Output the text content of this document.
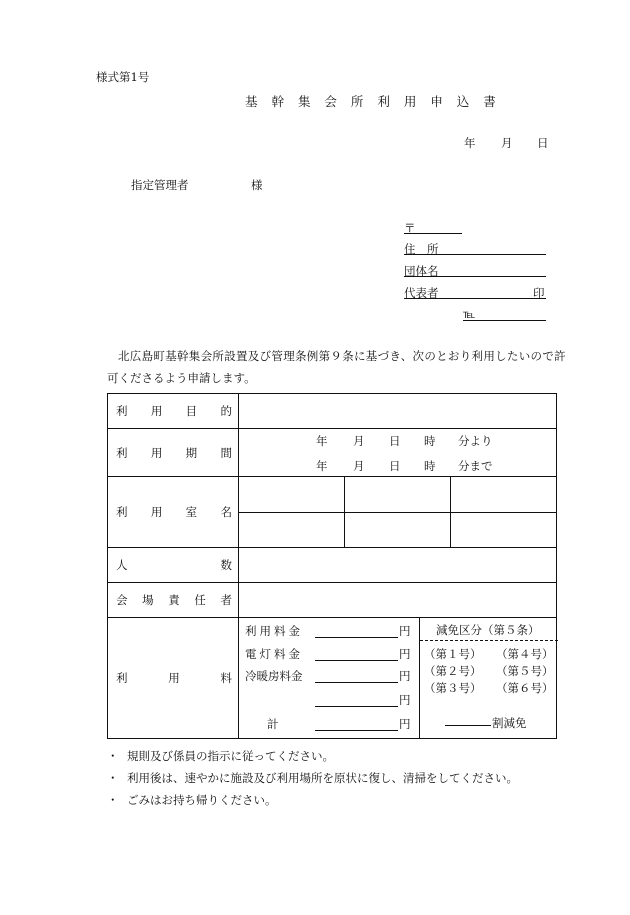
様式第1号
基 幹 集 会 所 利 用 申 込 書
年 月 日
指定管理者	様
〒
住　所
団体名
代表者	印
℡
北広島町基幹集会所設置及び管理条例第９条に基づき、次のとおり利用したいので許
可くださるよう申請します。
利 用 目 的

利 用 期 間

年	月	日	時	分より
年	月	日	時	分まで

利 用 室 名

人	数

会 場 責 任 者

利	用	料

利用料金	円
電灯料金	円
冷暖房料金	円
円
計	円
減免区分（第５条）
（第１号） （第４号）
（第２号） （第５号）
（第３号） （第６号）
割減免
・ 規則及び係員の指示に従ってください。
・ 利用後は、速やかに施設及び利用場所を原状に復し、清掃をしてください。
・ ごみはお持ち帰りください。
